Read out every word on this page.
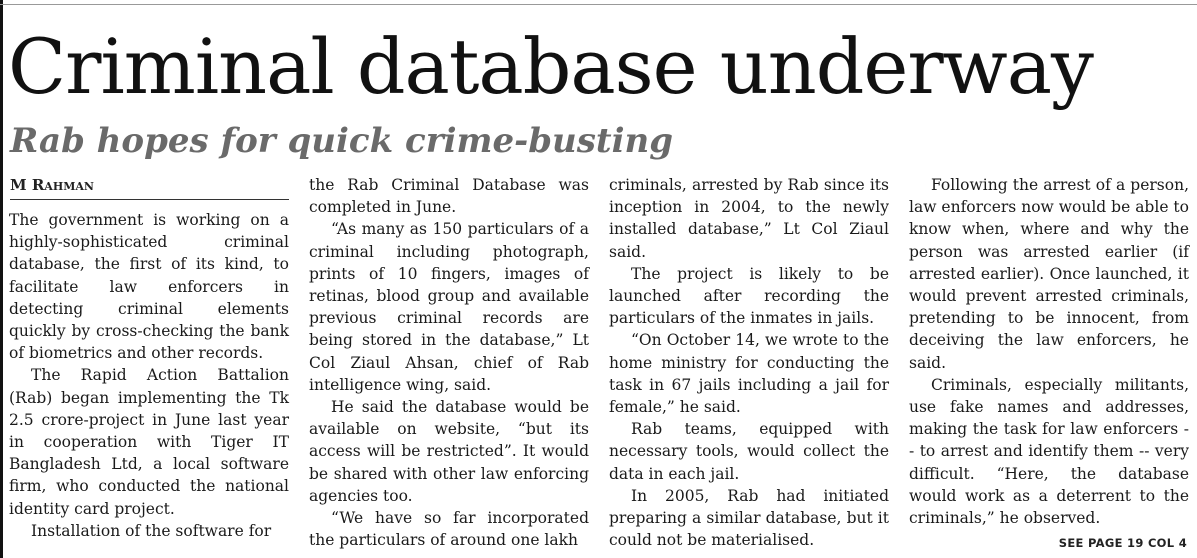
Criminal database underway
Rab hopes for quick crime-busting
M Rahman

The government is working on a highly-sophisticated criminal database, the first of its kind, to facilitate law enforcers in detecting criminal elements quickly by cross-checking the bank of biometrics and other records.

The Rapid Action Battalion (Rab) began implementing the Tk 2.5 crore-project in June last year in cooperation with Tiger IT Bangladesh Ltd, a local software firm, who conducted the national identity card project.

Installation of the software for

the Rab Criminal Database was completed in June.

“As many as 150 particulars of a criminal including photograph, prints of 10 fingers, images of retinas, blood group and available previous criminal records are being stored in the database,” Lt Col Ziaul Ahsan, chief of Rab intelligence wing, said.

He said the database would be available on website, “but its access will be restricted”. It would be shared with other law enforcing agencies too.

“We have so far incorporated the particulars of around one lakh

criminals, arrested by Rab since its inception in 2004, to the newly installed database,” Lt Col Ziaul said.

The project is likely to be launched after recording the particulars of the inmates in jails.

“On October 14, we wrote to the home ministry for conducting the task in 67 jails including a jail for female,” he said.

Rab teams, equipped with necessary tools, would collect the data in each jail.

In 2005, Rab had initiated preparing a similar database, but it could not be materialised.

Following the arrest of a person, law enforcers now would be able to know when, where and why the person was arrested earlier (if arrested earlier). Once launched, it would prevent arrested criminals, pretending to be innocent, from deceiving the law enforcers, he said.

Criminals, especially militants, use fake names and addresses, making the task for law enforcers -- to arrest and identify them -- very difficult. “Here, the database would work as a deterrent to the criminals,” he observed.

SEE PAGE 19 COL 4
